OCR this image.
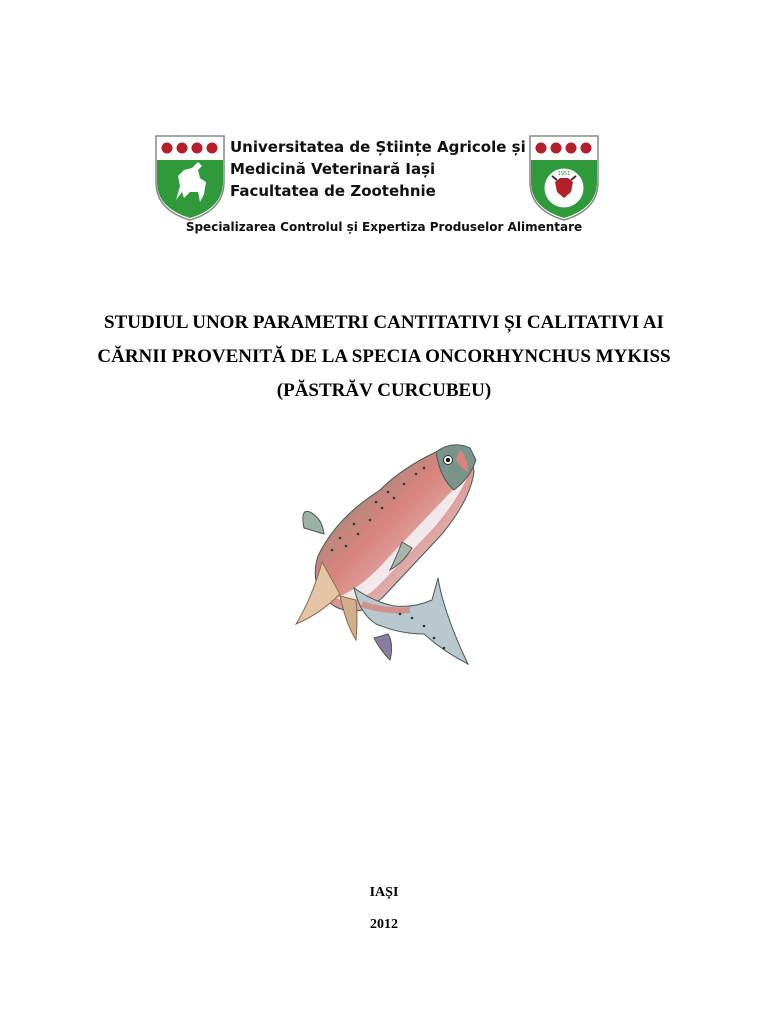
Universitatea de Științe Agricole și
Medicină Veterinară Iași
Facultatea de Zootehnie
1951
Specializarea Controlul și Expertiza Produselor Alimentare
STUDIUL UNOR PARAMETRI CANTITATIVI ȘI CALITATIVI AI
CĂRNII PROVENITĂ DE LA SPECIA ONCORHYNCHUS MYKISS
(PĂSTRĂV CURCUBEU)
IAȘI
2012
